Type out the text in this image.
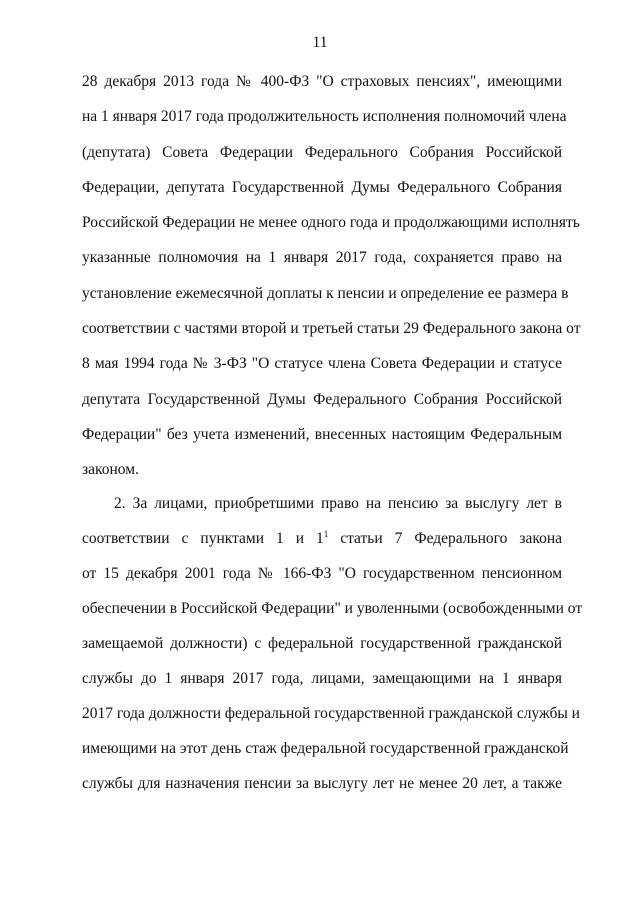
11
28 декабря 2013 года № 400-ФЗ "О страховых пенсиях", имеющими
на 1 января 2017 года продолжительность исполнения полномочий члена
(депутата) Совета Федерации Федерального Собрания Российской
Федерации, депутата Государственной Думы Федерального Собрания
Российской Федерации не менее одного года и продолжающими исполнять
указанные полномочия на 1 января 2017 года, сохраняется право на
установление ежемесячной доплаты к пенсии и определение ее размера в
соответствии с частями второй и третьей статьи 29 Федерального закона от
8 мая 1994 года № 3-ФЗ "О статусе члена Совета Федерации и статусе
депутата Государственной Думы Федерального Собрания Российской
Федерации" без учета изменений, внесенных настоящим Федеральным
законом.
2. За лицами, приобретшими право на пенсию за выслугу лет в
соответствии с пунктами 1 и $1^1$ статьи 7 Федерального закона
от 15 декабря 2001 года № 166-ФЗ "О государственном пенсионном
обеспечении в Российской Федерации" и уволенными (освобожденными от
замещаемой должности) с федеральной государственной гражданской
службы до 1 января 2017 года, лицами, замещающими на 1 января
2017 года должности федеральной государственной гражданской службы и
имеющими на этот день стаж федеральной государственной гражданской
службы для назначения пенсии за выслугу лет не менее 20 лет, а также
